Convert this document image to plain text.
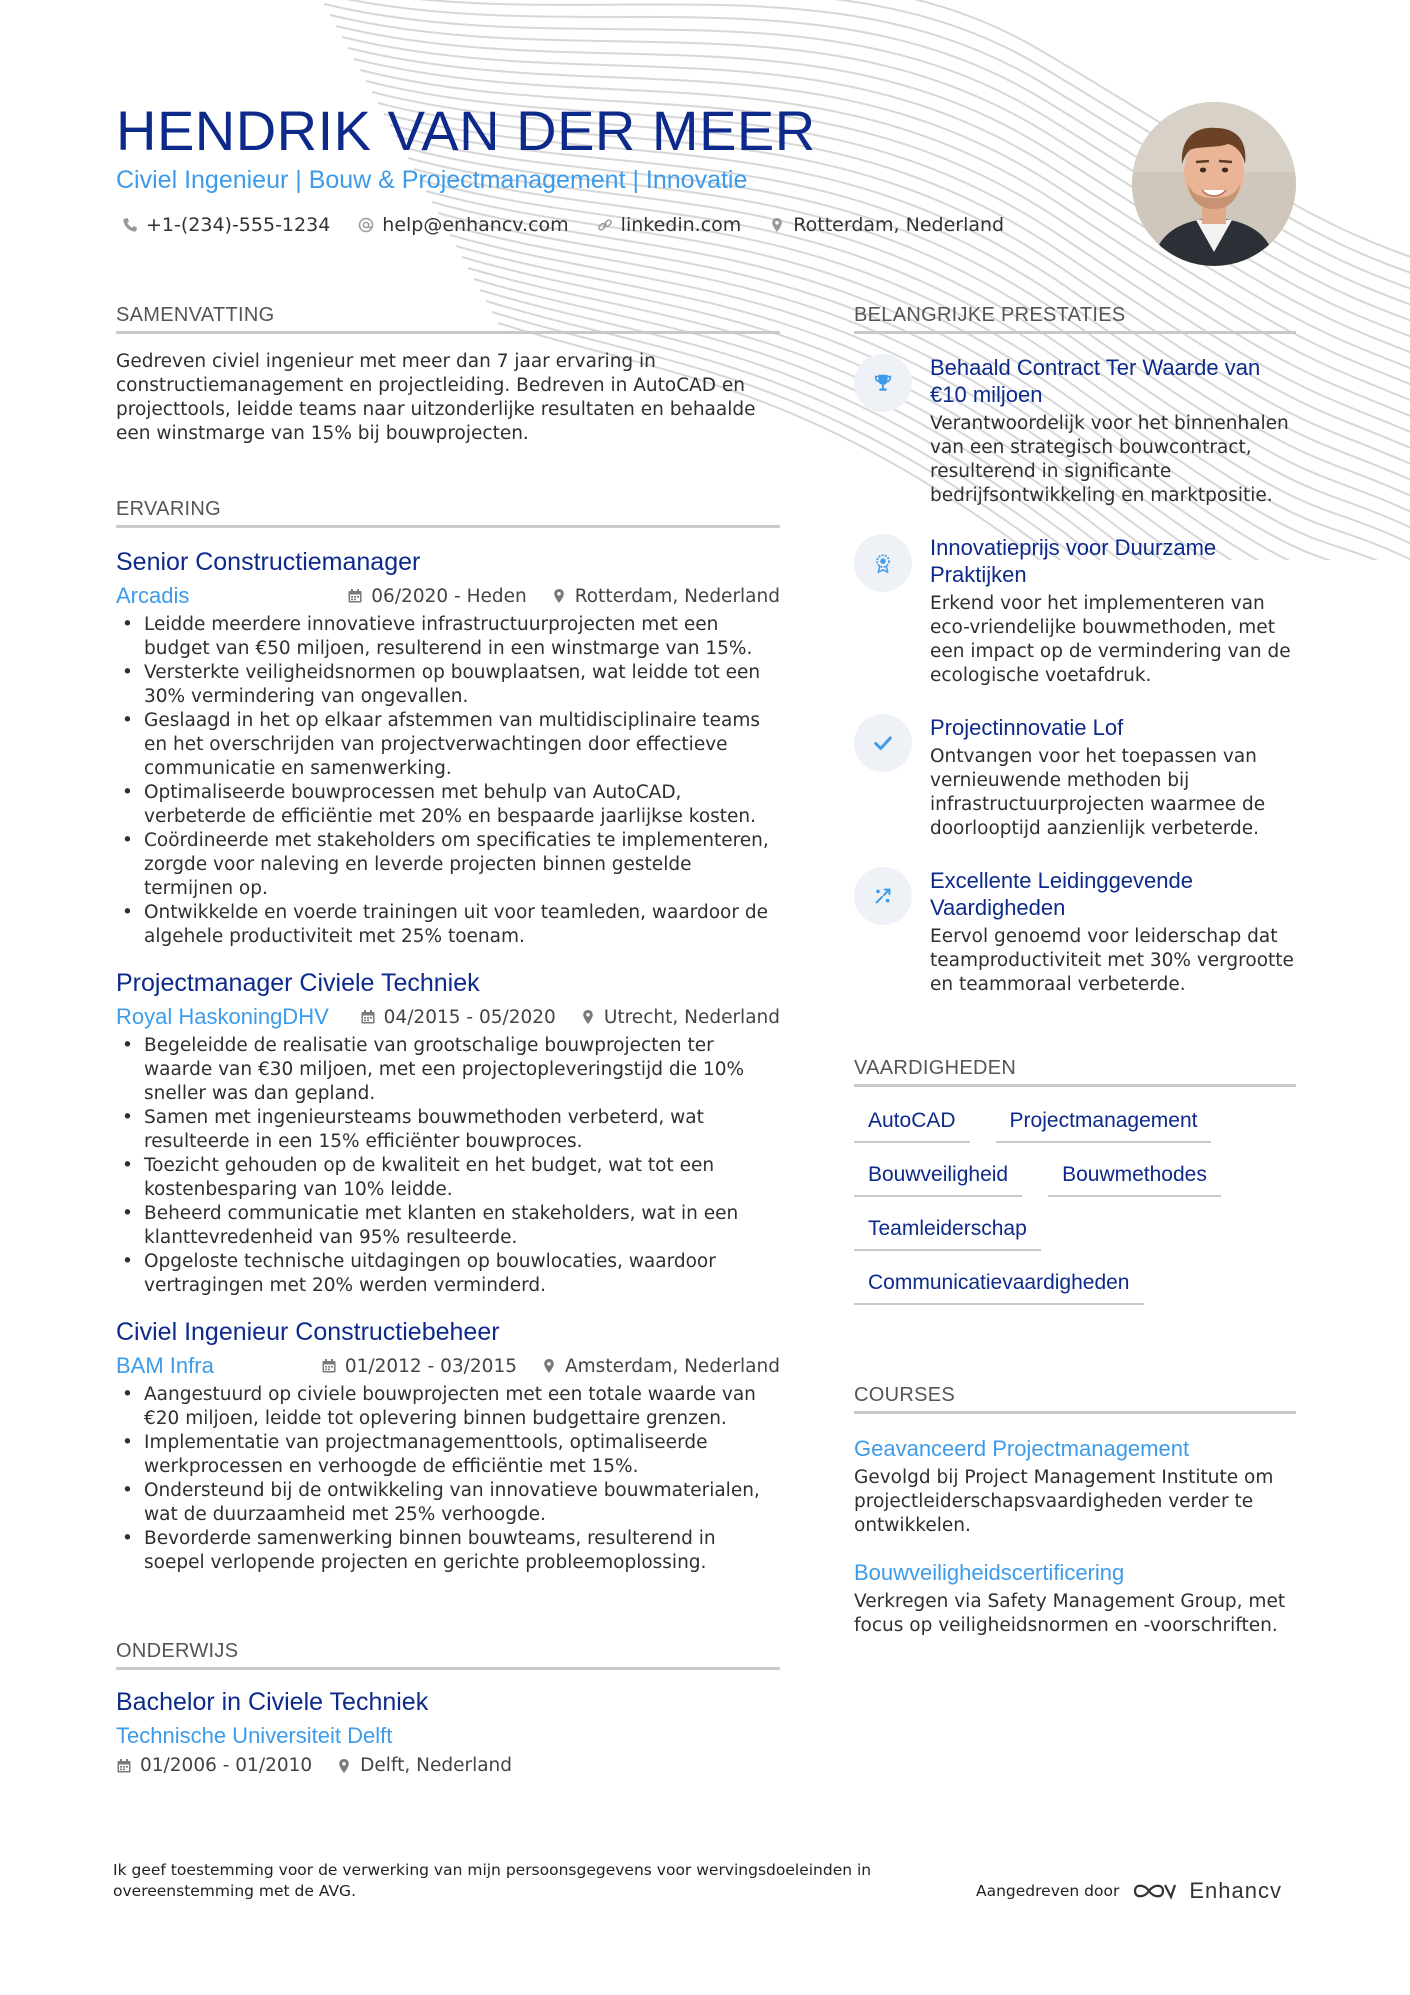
HENDRIK VAN DER MEER
Civiel Ingenieur | Bouw & Projectmanagement | Innovatie
+1-(234)-555-1234	help@enhancv.com	linkedin.com	Rotterdam, Nederland
SAMENVATTING
Gedreven civiel ingenieur met meer dan 7 jaar ervaring in constructiemanagement en projectleiding. Bedreven in AutoCAD en projecttools, leidde teams naar uitzonderlijke resultaten en behaalde een winstmarge van 15% bij bouwprojecten.
ERVARING
Senior Constructiemanager
Arcadis	06/2020 - Heden	Rotterdam, Nederland
• Leidde meerdere innovatieve infrastructuurprojecten met een budget van €50 miljoen, resulterend in een winstmarge van 15%.
• Versterkte veiligheidsnormen op bouwplaatsen, wat leidde tot een 30% vermindering van ongevallen.
• Geslaagd in het op elkaar afstemmen van multidisciplinaire teams en het overschrijden van projectverwachtingen door effectieve communicatie en samenwerking.
• Optimaliseerde bouwprocessen met behulp van AutoCAD, verbeterde de efficiëntie met 20% en bespaarde jaarlijkse kosten.
• Coördineerde met stakeholders om specificaties te implementeren, zorgde voor naleving en leverde projecten binnen gestelde termijnen op.
• Ontwikkelde en voerde trainingen uit voor teamleden, waardoor de algehele productiviteit met 25% toenam.
Projectmanager Civiele Techniek
Royal HaskoningDHV	04/2015 - 05/2020	Utrecht, Nederland
• Begeleidde de realisatie van grootschalige bouwprojecten ter waarde van €30 miljoen, met een projectopleveringstijd die 10% sneller was dan gepland.
• Samen met ingenieursteams bouwmethoden verbeterd, wat resulteerde in een 15% efficiënter bouwproces.
• Toezicht gehouden op de kwaliteit en het budget, wat tot een kostenbesparing van 10% leidde.
• Beheerd communicatie met klanten en stakeholders, wat in een klanttevredenheid van 95% resulteerde.
• Opgeloste technische uitdagingen op bouwlocaties, waardoor vertragingen met 20% werden verminderd.
Civiel Ingenieur Constructiebeheer
BAM Infra	01/2012 - 03/2015	Amsterdam, Nederland
• Aangestuurd op civiele bouwprojecten met een totale waarde van €20 miljoen, leidde tot oplevering binnen budgettaire grenzen.
• Implementatie van projectmanagementtools, optimaliseerde werkprocessen en verhoogde de efficiëntie met 15%.
• Ondersteund bij de ontwikkeling van innovatieve bouwmaterialen, wat de duurzaamheid met 25% verhoogde.
• Bevorderde samenwerking binnen bouwteams, resulterend in soepel verlopende projecten en gerichte probleemoplossing.
ONDERWIJS
Bachelor in Civiele Techniek
Technische Universiteit Delft
01/2006 - 01/2010	Delft, Nederland
BELANGRIJKE PRESTATIES
Behaald Contract Ter Waarde van €10 miljoen
Verantwoordelijk voor het binnenhalen van een strategisch bouwcontract, resulterend in significante bedrijfsontwikkeling en marktpositie.
Innovatieprijs voor Duurzame Praktijken
Erkend voor het implementeren van eco-vriendelijke bouwmethoden, met een impact op de vermindering van de ecologische voetafdruk.
Projectinnovatie Lof
Ontvangen voor het toepassen van vernieuwende methoden bij infrastructuurprojecten waarmee de doorlooptijd aanzienlijk verbeterde.
Excellente Leidinggevende Vaardigheden
Eervol genoemd voor leiderschap dat teamproductiviteit met 30% vergrootte en teammoraal verbeterde.
VAARDIGHEDEN
AutoCAD	Projectmanagement
Bouwveiligheid	Bouwmethodes
Teamleiderschap
Communicatievaardigheden
COURSES
Geavanceerd Projectmanagement
Gevolgd bij Project Management Institute om projectleiderschapsvaardigheden verder te ontwikkelen.
Bouwveiligheidscertificering
Verkregen via Safety Management Group, met focus op veiligheidsnormen en -voorschriften.
Ik geef toestemming voor de verwerking van mijn persoonsgegevens voor wervingsdoeleinden in overeenstemming met de AVG.	Aangedreven door	Enhancv
